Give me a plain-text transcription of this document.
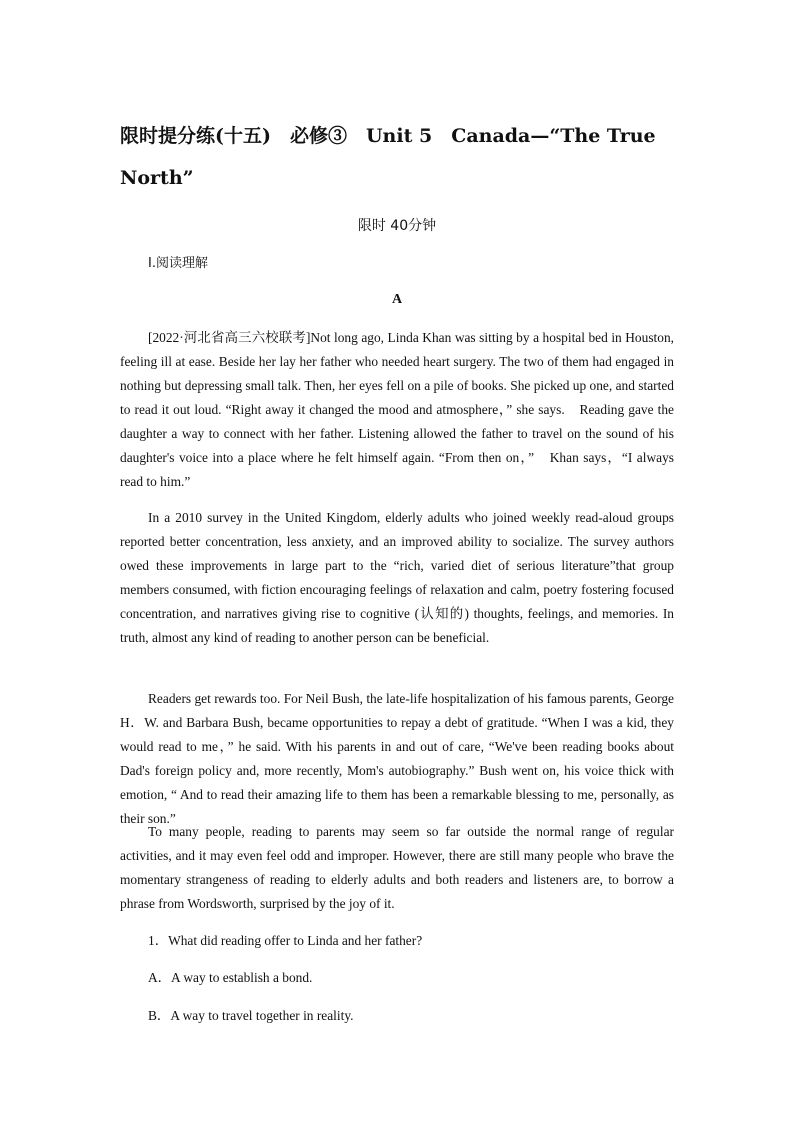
限时提分练(十五)　必修③　Unit 5　Canada—“The True North”
限时 40分钟
Ⅰ.阅读理解
A

[2022·河北省高三六校联考]Not long ago, Linda Khan was sitting by a hospital bed in Houston, feeling ill at ease. Beside her lay her father who needed heart surgery. The two of them had engaged in nothing but depressing small talk. Then, her eyes fell on a pile of books. She picked up one, and started to read it out loud. “Right away it changed the mood and atmosphere，” she says.　Reading gave the daughter a way to connect with her father. Listening allowed the father to travel on the sound of his daughter's voice into a place where he felt himself again. “From then on，”　Khan says，“I always read to him.”

In a 2010 survey in the United Kingdom, elderly adults who joined weekly read-aloud groups reported better concentration, less anxiety, and an improved ability to socialize. The survey authors owed these improvements in large part to the “rich, varied diet of serious literature”that group members consumed, with fiction encouraging feelings of relaxation and calm, poetry fostering focused concentration, and narratives giving rise to cognitive (认知的) thoughts, feelings, and memories. In truth, almost any kind of reading to another person can be beneficial.

Readers get rewards too. For Neil Bush, the late-life hospitalization of his famous parents, George H．W. and Barbara Bush, became opportunities to repay a debt of gratitude. “When I was a kid, they would read to me，” he said. With his parents in and out of care, “We've been reading books about Dad's foreign policy and, more recently, Mom's autobiography.” Bush went on, his voice thick with emotion, “ And to read their amazing life to them has been a remarkable blessing to me, personally, as their son.”

To many people, reading to parents may seem so far outside the normal range of regular activities, and it may even feel odd and improper. However, there are still many people who brave the momentary strangeness of reading to elderly adults and both readers and listeners are, to borrow a phrase from Wordsworth, surprised by the joy of it.

1．What did reading offer to Linda and her father?
A．A way to establish a bond.
B．A way to travel together in reality.
